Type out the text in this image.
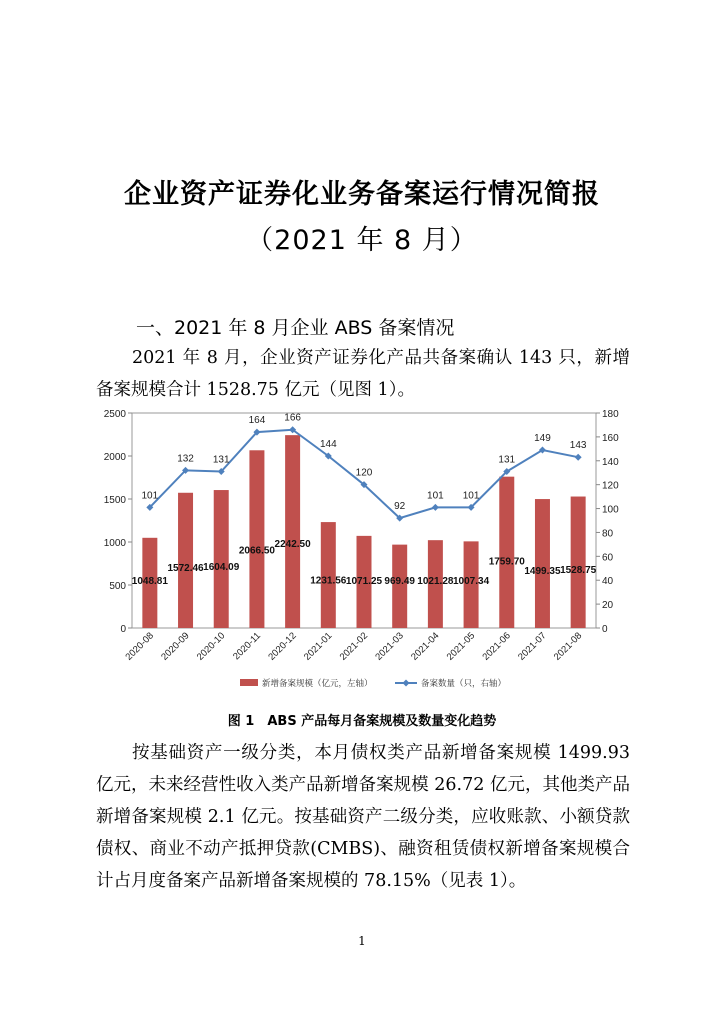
企业资产证券化业务备案运行情况简报
（2021 年 8 月）
一、2021 年 8 月企业 ABS 备案情况
2021 年 8 月，企业资产证券化产品共备案确认 143 只，新增备案规模合计 1528.75 亿元（见图 1）。
1048.81
1572.46 1604.09
2066.50
2242.50
1231.56 1071.25 969.49 1021.28 1007.34
1759.70
1499.35 1528.75
101
132 131
164 166
144
120
92
101 101
131
149
143
0
500
1000
1500
2000
2500
0
20
40
60
80
100
120
140
160
180
2020-08 2020-09 2020-10 2020-11 2020-12 2021-01 2021-02 2021-03 2021-04 2021-05 2021-06 2021-07 2021-08
新增备案规模（亿元，左轴）	备案数量（只，右轴）
图 1　ABS 产品每月备案规模及数量变化趋势
按基础资产一级分类，本月债权类产品新增备案规模 1499.93 亿元，未来经营性收入类产品新增备案规模 26.72 亿元，其他类产品新增备案规模 2.1 亿元。按基础资产二级分类，应收账款、小额贷款债权、商业不动产抵押贷款(CMBS)、融资租赁债权新增备案规模合计占月度备案产品新增备案规模的 78.15%（见表 1）。
1
